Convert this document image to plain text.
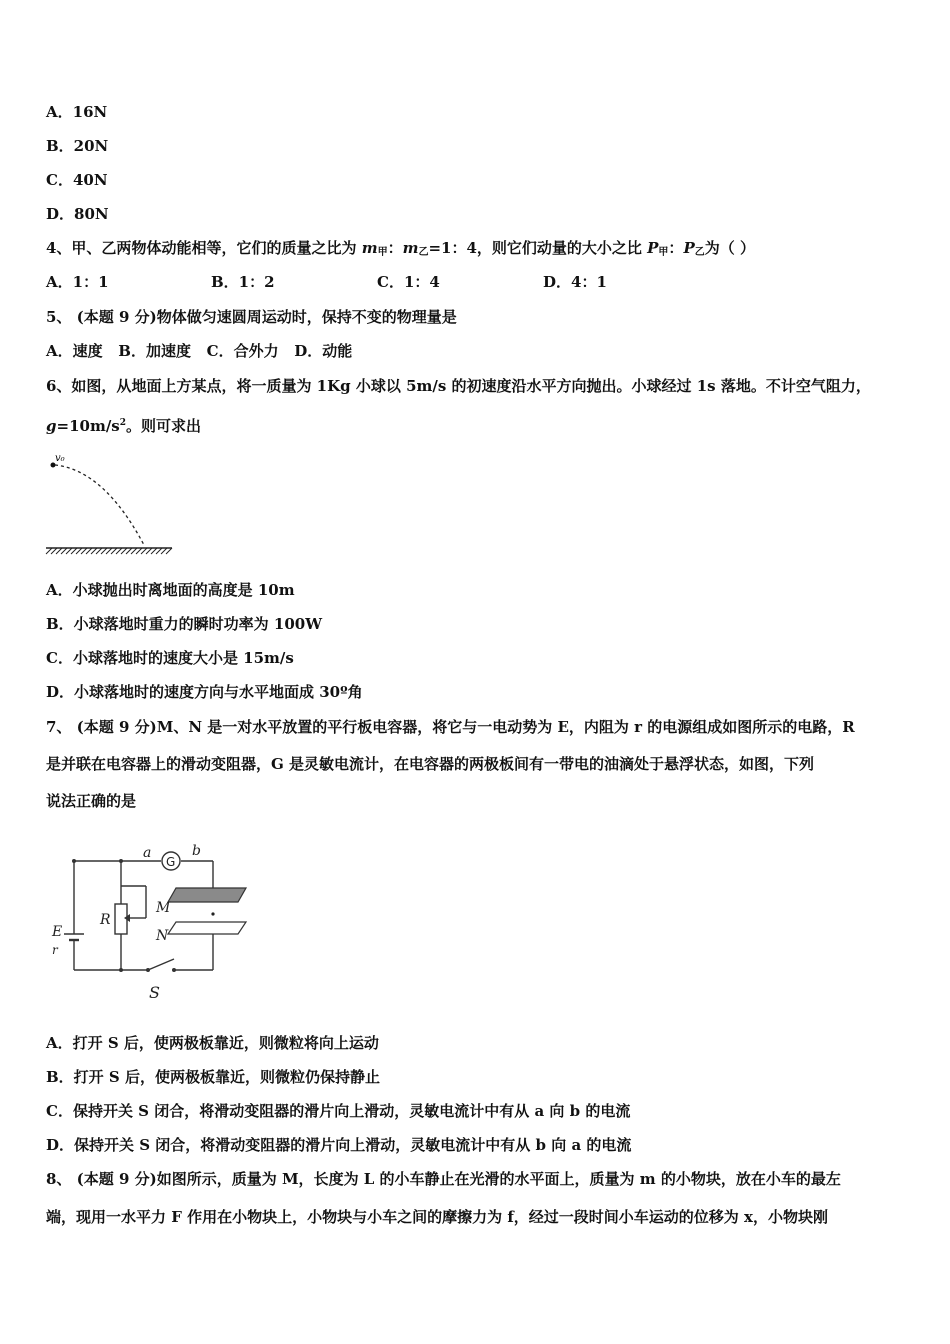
A．16N
B．20N
C．40N
D．80N
4、甲、乙两物体动能相等，它们的质量之比为 $m_甲$：$m_乙=1$：4，则它们动量的大小之比 $P_甲$：$P_乙$为（ ）
A．1：1	B．1：2	C．1：4	D．4：1
5、 (本题 9 分)物体做匀速圆周运动时，保持不变的物理量是
A．速度   B．加速度   C．合外力   D．动能
6、如图，从地面上方某点，将一质量为 1Kg 小球以 5m/s 的初速度沿水平方向抛出。小球经过 1s 落地。不计空气阻力，
$g=10m/s^2$。则可求出
v₀
A．小球抛出时离地面的高度是 10m
B．小球落地时重力的瞬时功率为 100W
C．小球落地时的速度大小是 15m/s
D．小球落地时的速度方向与水平地面成 30º角
7、 (本题 9 分)M、N 是一对水平放置的平行板电容器，将它与一电动势为 E，内阻为 r 的电源组成如图所示的电路，R
是并联在电容器上的滑动变阻器，G 是灵敏电流计，在电容器的两极板间有一带电的油滴处于悬浮状态，如图，下列
说法正确的是
G
a	b
R
M
N
E
r
S
A．打开 S 后，使两极板靠近，则微粒将向上运动
B．打开 S 后，使两极板靠近，则微粒仍保持静止
C．保持开关 S 闭合，将滑动变阻器的滑片向上滑动，灵敏电流计中有从 a 向 b 的电流
D．保持开关 S 闭合，将滑动变阻器的滑片向上滑动，灵敏电流计中有从 b 向 a 的电流
8、 (本题 9 分)如图所示，质量为 M，长度为 L 的小车静止在光滑的水平面上，质量为 m 的小物块，放在小车的最左
端，现用一水平力 F 作用在小物块上，小物块与小车之间的摩擦力为 f，经过一段时间小车运动的位移为 x，小物块刚
